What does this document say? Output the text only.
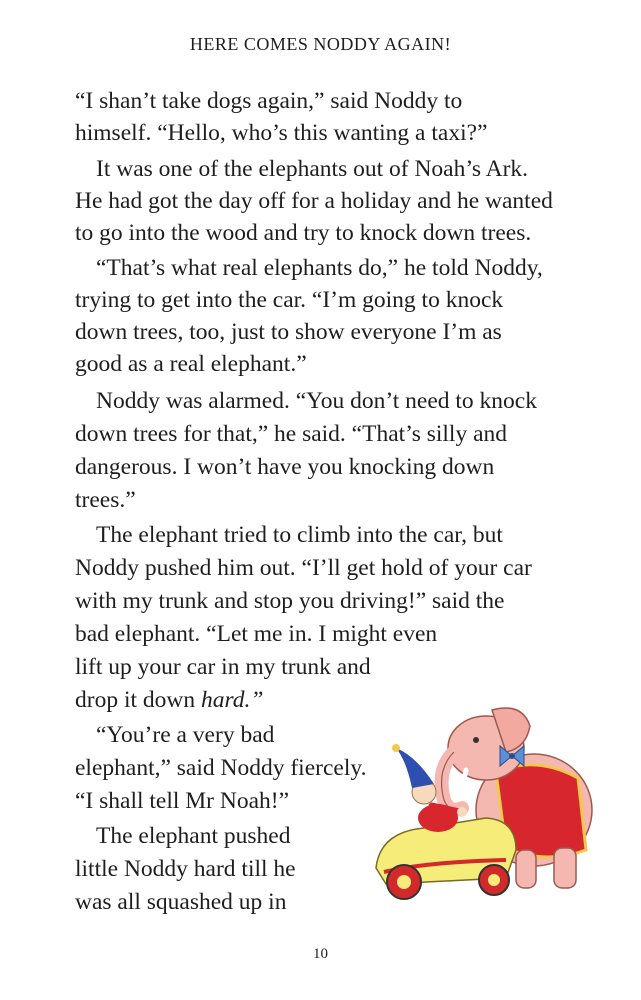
HERE COMES NODDY AGAIN!
“I shan’t take dogs again,” said Noddy to
himself. “Hello, who’s this wanting a taxi?”
It was one of the elephants out of Noah’s Ark.
He had got the day off for a holiday and he wanted
to go into the wood and try to knock down trees.
“That’s what real elephants do,” he told Noddy,
trying to get into the car. “I’m going to knock
down trees, too, just to show everyone I’m as
good as a real elephant.”
Noddy was alarmed. “You don’t need to knock
down trees for that,” he said. “That’s silly and
dangerous. I won’t have you knocking down
trees.”
The elephant tried to climb into the car, but
Noddy pushed him out. “I’ll get hold of your car
with my trunk and stop you driving!” said the
bad elephant. “Let me in. I might even
lift up your car in my trunk and
drop it down hard.”
“You’re a very bad
elephant,” said Noddy fiercely.
“I shall tell Mr Noah!”
The elephant pushed
little Noddy hard till he
was all squashed up in
10
